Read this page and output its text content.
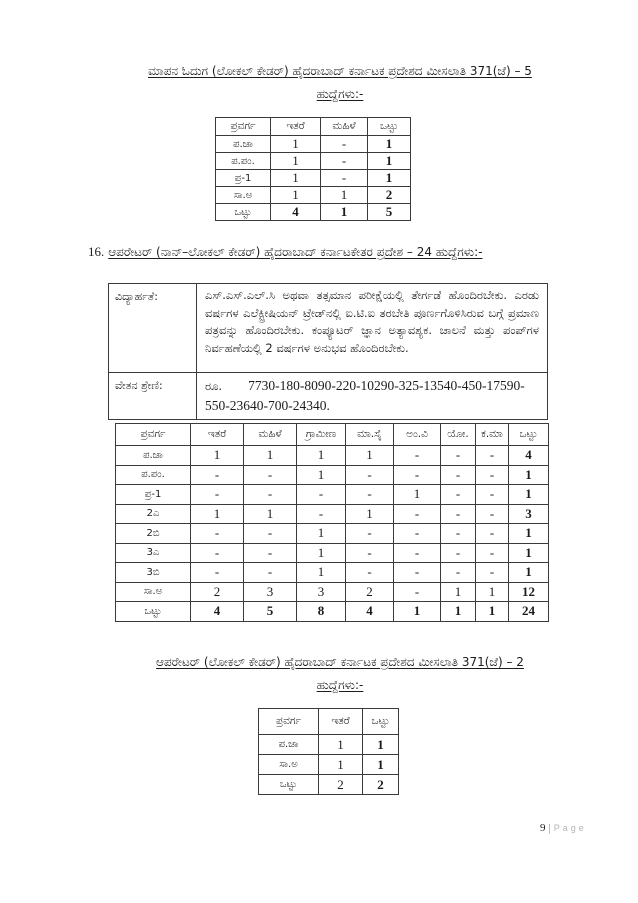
ಮಾಪನ ಓದುಗ (ಲೋಕಲ್ ಕೇಡರ್) ಹೈದರಾಬಾದ್ ಕರ್ನಾಟಕ ಪ್ರದೇಶದ ಮೀಸಲಾತಿ 371(ಜೆ) – 5
ಹುದ್ದೆಗಳು:-
ಪ್ರವರ್ಗ	ಇತರೆ	ಮಹಿಳೆ	ಒಟ್ಟು
ಪ.ಜಾ	1	-	1
ಪ.ಪಂ.	1	-	1
ಪ್ರ-1	1	-	1
ಸಾ.ಅ	1	1	2
ಒಟ್ಟು	4	1	5
16. ಆಪರೇಟರ್ (ನಾನ್–ಲೋಕಲ್ ಕೇಡರ್) ಹೈದರಾಬಾದ್ ಕರ್ನಾಟಕೇತರ ಪ್ರದೇಶ – 24 ಹುದ್ದೆಗಳು:-
ವಿದ್ಯಾರ್ಹತೆ:	ಎಸ್.ಎಸ್.ಎಲ್.ಸಿ ಅಥವಾ ತತ್ಸಮಾನ ಪರೀಕ್ಷೆಯಲ್ಲಿ ತೇರ್ಗಡೆ ಹೊಂದಿರಬೇಕು. ಎರಡು ವರ್ಷಗಳ ಎಲೆಕ್ಟ್ರೀಷಿಯನ್ ಟ್ರೇಡ್‌ನಲ್ಲಿ ಐ.ಟಿ.ಐ ತರಬೇತಿ ಪೂರ್ಣಗೊಳಿಸಿರುವ ಬಗ್ಗೆ ಪ್ರಮಾಣ ಪತ್ರವನ್ನು ಹೊಂದಿರಬೇಕು. ಕಂಪ್ಯೂಟರ್ ಜ್ಞಾನ ಅತ್ಯಾವಶ್ಯಕ. ಚಾಲನೆ ಮತ್ತು ಪಂಪ್‌ಗಳ ನಿರ್ವಹಣೆಯಲ್ಲಿ 2 ವರ್ಷಗಳ ಅನುಭವ ಹೊಂದಿರಬೇಕು.
ವೇತನ ಶ್ರೇಣಿ:	ರೂ. 7730-180-8090-220-10290-325-13540-450-17590-550-23640-700-24340.
ಪ್ರವರ್ಗ	ಇತರೆ	ಮಹಿಳೆ	ಗ್ರಾಮೀಣ	ಮಾ.ಸೈ	ಅಂ.ವಿ	ಯೋ.	ಕ.ಮಾ	ಒಟ್ಟು
ಪ.ಜಾ	1	1	1	1	-	-	-	4
ಪ.ಪಂ.	-	-	1	-	-	-	-	1
ಪ್ರ-1	-	-	-	-	1	-	-	1
2ಎ	1	1	-	1	-	-	-	3
2ಬಿ	-	-	1	-	-	-	-	1
3ಎ	-	-	1	-	-	-	-	1
3ಬಿ	-	-	1	-	-	-	-	1
ಸಾ.ಅ	2	3	3	2	-	1	1	12
ಒಟ್ಟು	4	5	8	4	1	1	1	24
ಆಪರೇಟರ್ (ಲೋಕಲ್ ಕೇಡರ್) ಹೈದರಾಬಾದ್ ಕರ್ನಾಟಕ ಪ್ರದೇಶದ ಮೀಸಲಾತಿ 371(ಜೆ) – 2
ಹುದ್ದೆಗಳು:-
ಪ್ರವರ್ಗ	ಇತರೆ	ಒಟ್ಟು
ಪ.ಜಾ	1	1
ಸಾ.ಅ	1	1
ಒಟ್ಟು	2	2
9 | Page
